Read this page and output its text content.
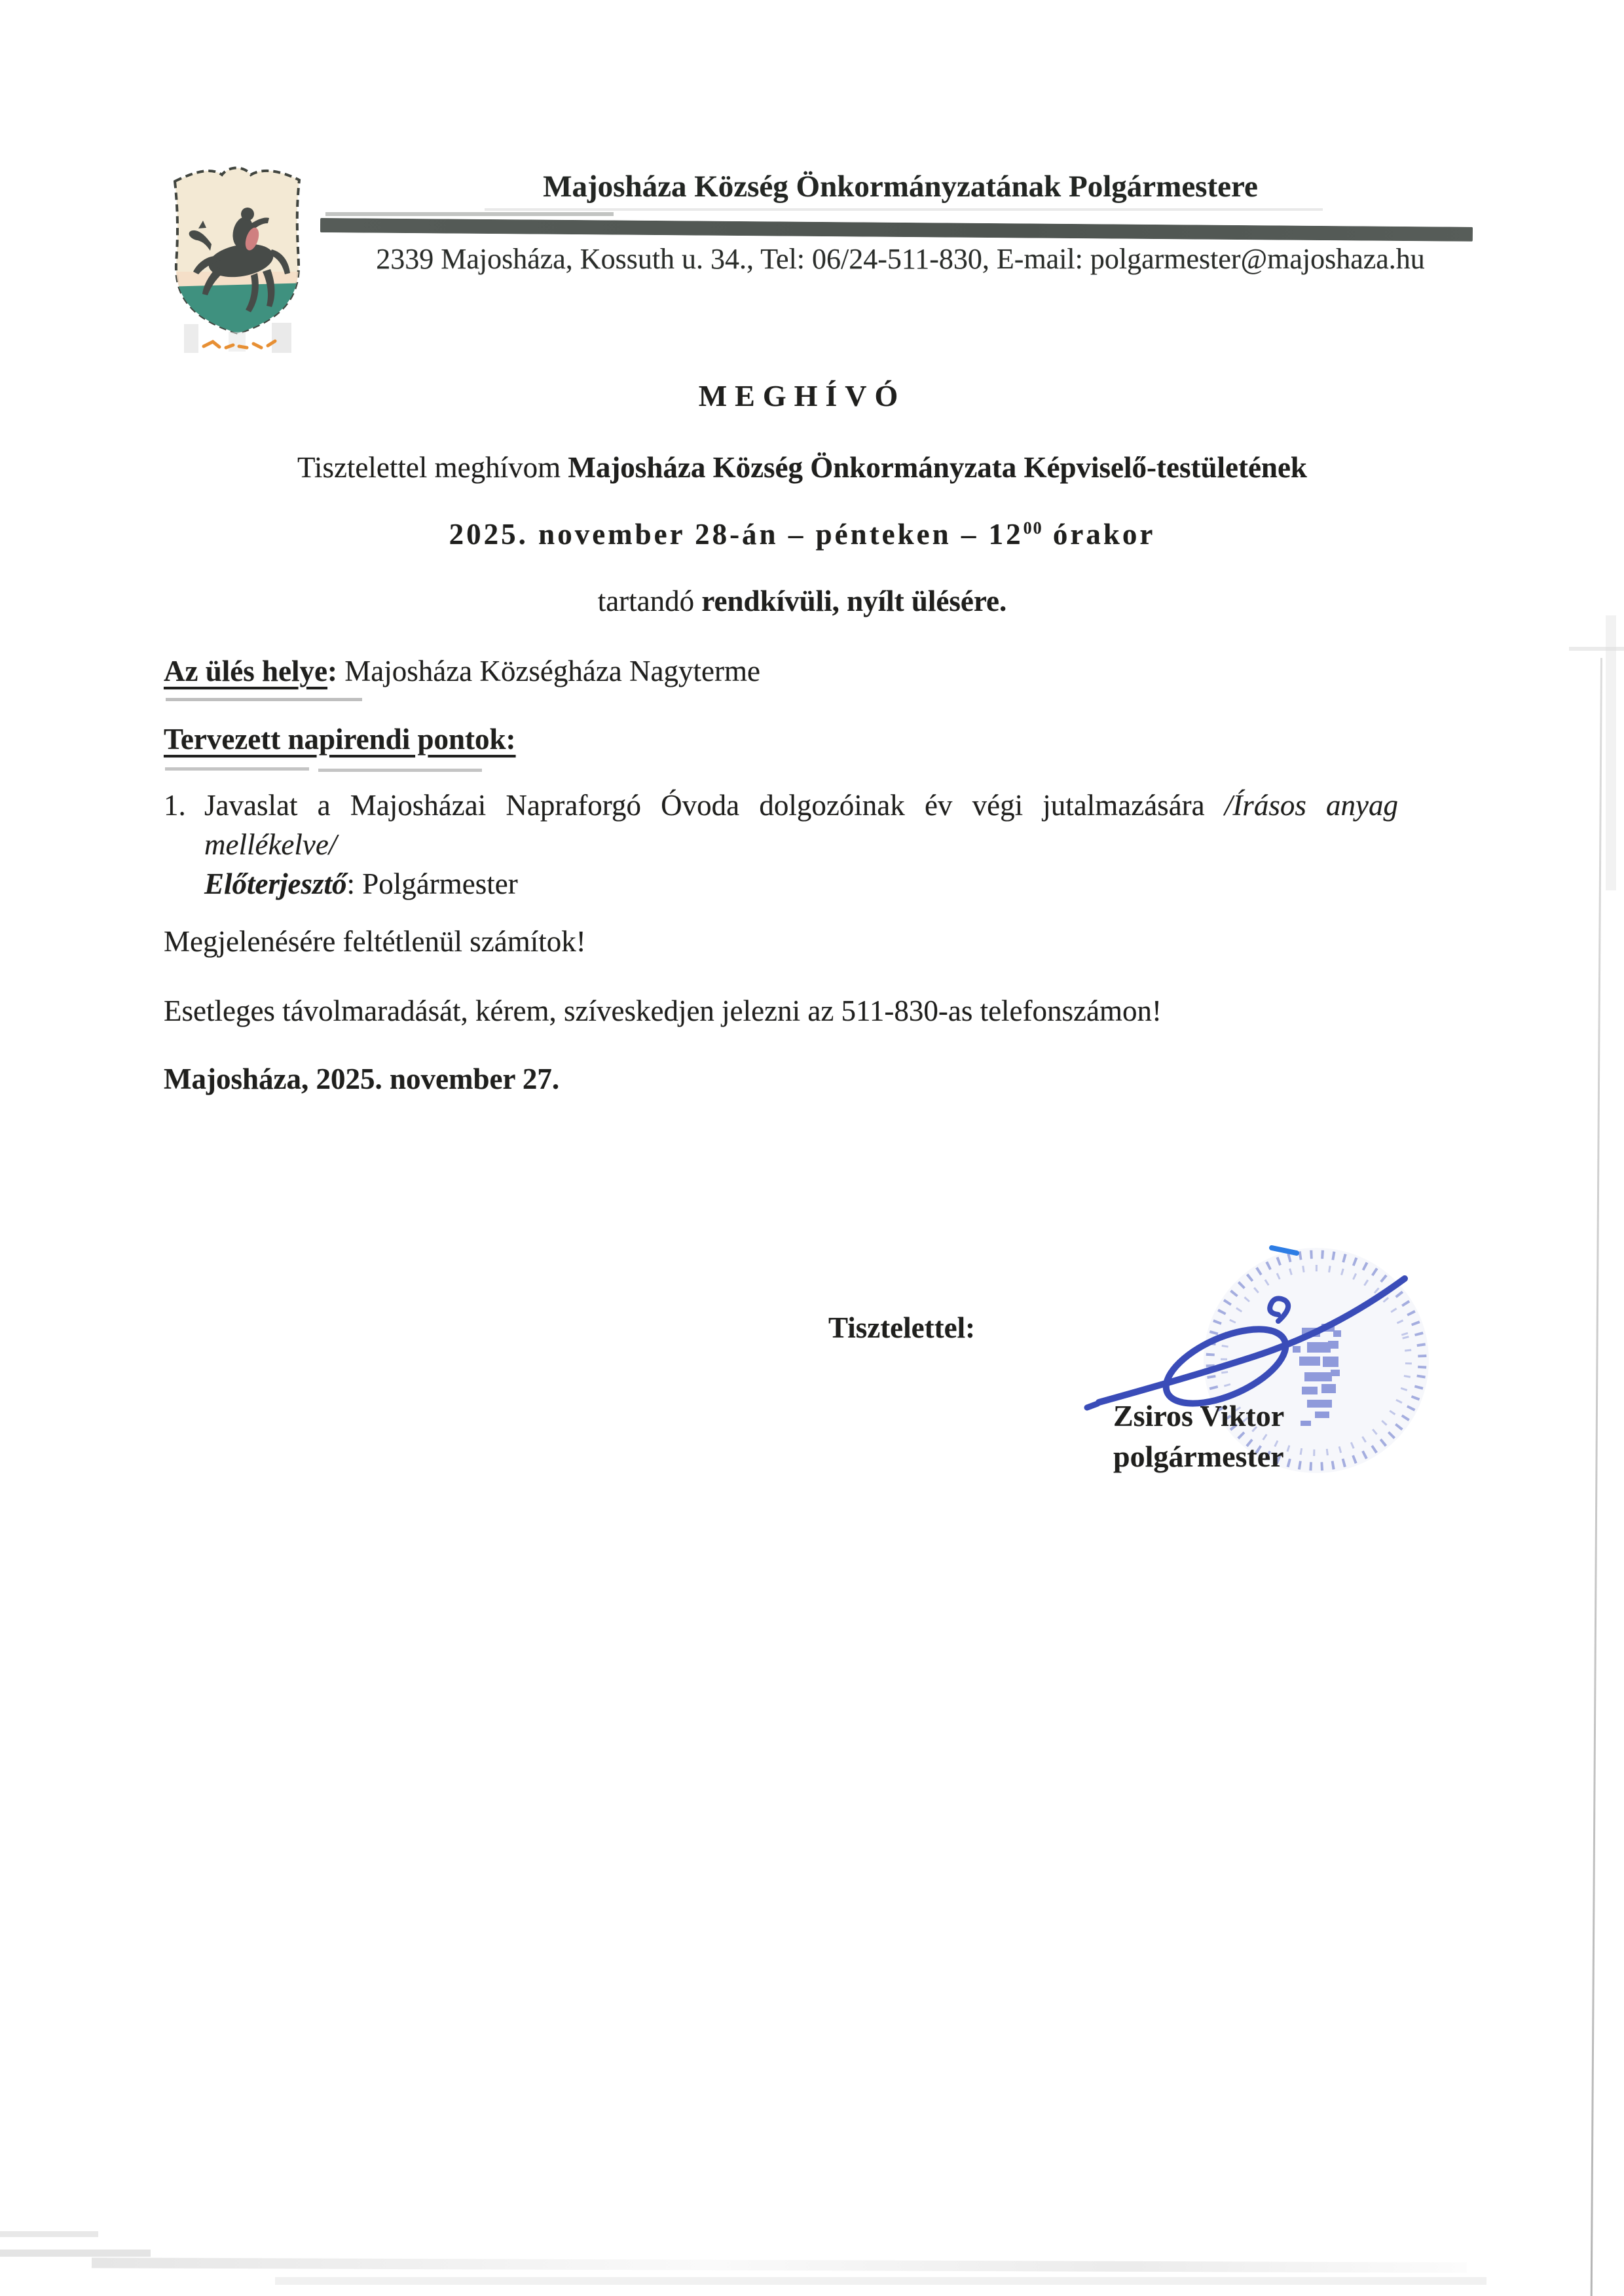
Majosháza Község Önkormányzatának Polgármestere
2339 Majosháza, Kossuth u. 34., Tel: 06/24-511-830, E-mail: polgarmester@majoshaza.hu
MEGHÍVÓ
Tisztelettel meghívom Majosháza Község Önkormányzata Képviselő-testületének
2025. november 28-án – pénteken – $12^{00}$ órakor
tartandó rendkívüli, nyílt ülésére.
Az ülés helye: Majosháza Községháza Nagyterme
Tervezett napirendi pontok:
1. Javaslat a Majosházai Napraforgó Óvoda dolgozóinak év végi jutalmazására /Írásos anyag mellékelve/
Előterjesztő: Polgármester
Megjelenésére feltétlenül számítok!
Esetleges távolmaradását, kérem, szíveskedjen jelezni az 511-830-as telefonszámon!
Majosháza, 2025. november 27.
Tisztelettel:
Zsiros Viktor
polgármester
